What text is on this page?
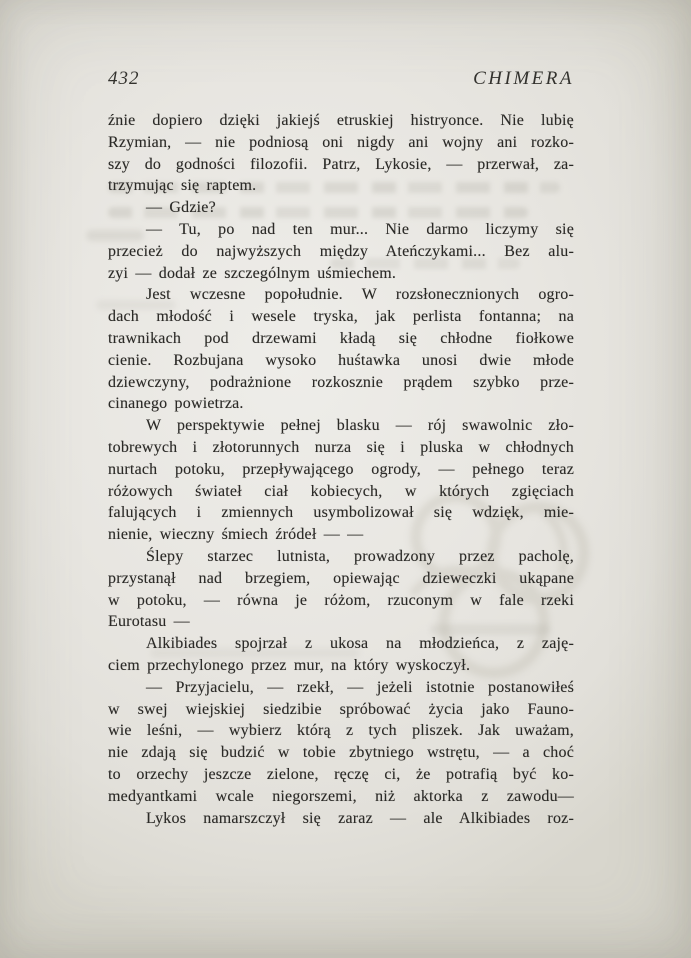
432	CHIMERA
źnie dopiero dzięki jakiejś etruskiej histryonce. Nie lubię
Rzymian, — nie podniosą oni nigdy ani wojny ani rozko-
szy do godności filozofii. Patrz, Lykosie, — przerwał, za-
trzymując się raptem.
— Gdzie?
— Tu, po nad ten mur... Nie darmo liczymy się
przecież do najwyższych między Ateńczykami... Bez alu-
zyi — dodał ze szczególnym uśmiechem.
Jest wczesne popołudnie. W rozsłonecznionych ogro-
dach młodość i wesele tryska, jak perlista fontanna; na
trawnikach pod drzewami kładą się chłodne fiołkowe
cienie. Rozbujana wysoko huśtawka unosi dwie młode
dziewczyny, podrażnione rozkosznie prądem szybko prze-
cinanego powietrza.
W perspektywie pełnej blasku — rój swawolnic zło-
tobrewych i złotorunnych nurza się i pluska w chłodnych
nurtach potoku, przepływającego ogrody, — pełnego teraz
różowych świateł ciał kobiecych, w których zgięciach
falujących i zmiennych usymbolizował się wdzięk, mie-
nienie, wieczny śmiech źródeł — —
Ślepy starzec lutnista, prowadzony przez pacholę,
przystanął nad brzegiem, opiewając dzieweczki ukąpane
w potoku, — równa je różom, rzuconym w fale rzeki
Eurotasu —
Alkibiades spojrzał z ukosa na młodzieńca, z zaję-
ciem przechylonego przez mur, na który wyskoczył.
— Przyjacielu, — rzekł, — jeżeli istotnie postanowiłeś
w swej wiejskiej siedzibie spróbować życia jako Fauno-
wie leśni, — wybierz którą z tych pliszek. Jak uważam,
nie zdają się budzić w tobie zbytniego wstrętu, — a choć
to orzechy jeszcze zielone, ręczę ci, że potrafią być ko-
medyantkami wcale niegorszemi, niż aktorka z zawodu—
Lykos namarszczył się zaraz — ale Alkibiades roz-
